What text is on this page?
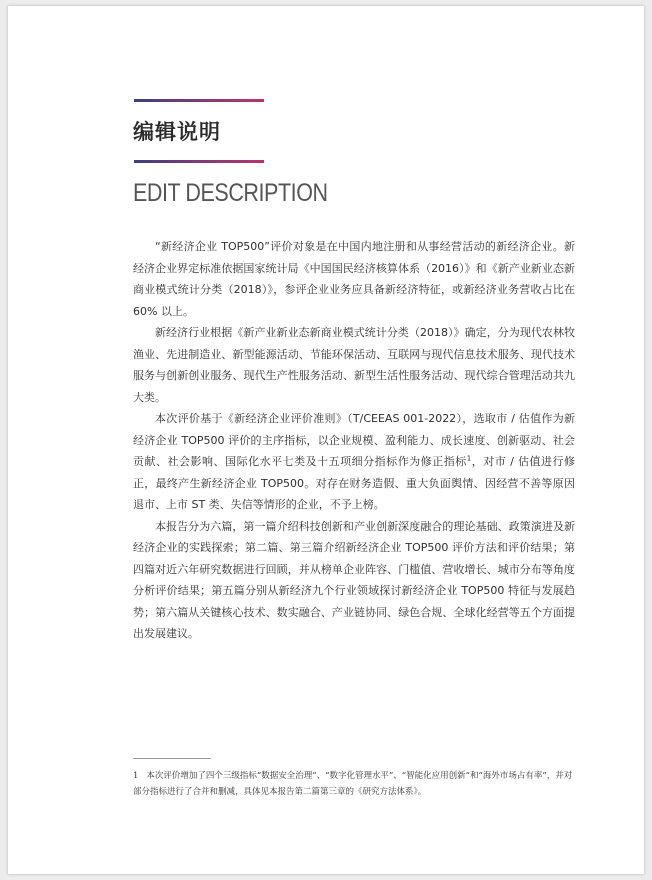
编辑说明
EDIT DESCRIPTION

“新经济企业 TOP500”评价对象是在中国内地注册和从事经营活动的新经济企业。新经济企业界定标准依据国家统计局《中国国民经济核算体系（2016）》和《新产业新业态新商业模式统计分类（2018）》，参评企业业务应具备新经济特征，或新经济业务营收占比在 60% 以上。

新经济行业根据《新产业新业态新商业模式统计分类（2018）》确定，分为现代农林牧渔业、先进制造业、新型能源活动、节能环保活动、互联网与现代信息技术服务、现代技术服务与创新创业服务、现代生产性服务活动、新型生活性服务活动、现代综合管理活动共九大类。

本次评价基于《新经济企业评价准则》（T/CEEAS 001-2022），选取市 / 估值作为新经济企业 TOP500 评价的主序指标，以企业规模、盈利能力、成长速度、创新驱动、社会贡献、社会影响、国际化水平七类及十五项细分指标作为修正指标$^1$，对市 / 估值进行修正，最终产生新经济企业 TOP500。对存在财务造假、重大负面舆情、因经营不善等原因退市、上市 ST 类、失信等情形的企业，不予上榜。

本报告分为六篇，第一篇介绍科技创新和产业创新深度融合的理论基础、政策演进及新经济企业的实践探索；第二篇、第三篇介绍新经济企业 TOP500 评价方法和评价结果；第四篇对近六年研究数据进行回顾，并从榜单企业阵容、门槛值、营收增长、城市分布等角度分析评价结果；第五篇分别从新经济九个行业领域探讨新经济企业 TOP500 特征与发展趋势；第六篇从关键核心技术、数实融合、产业链协同、绿色合规、全球化经营等五个方面提出发展建议。

1 本次评价增加了四个三级指标“数据安全治理”、“数字化管理水平”、“智能化应用创新”和“海外市场占有率”，并对部分指标进行了合并和删减，具体见本报告第二篇第三章的《研究方法体系》。
